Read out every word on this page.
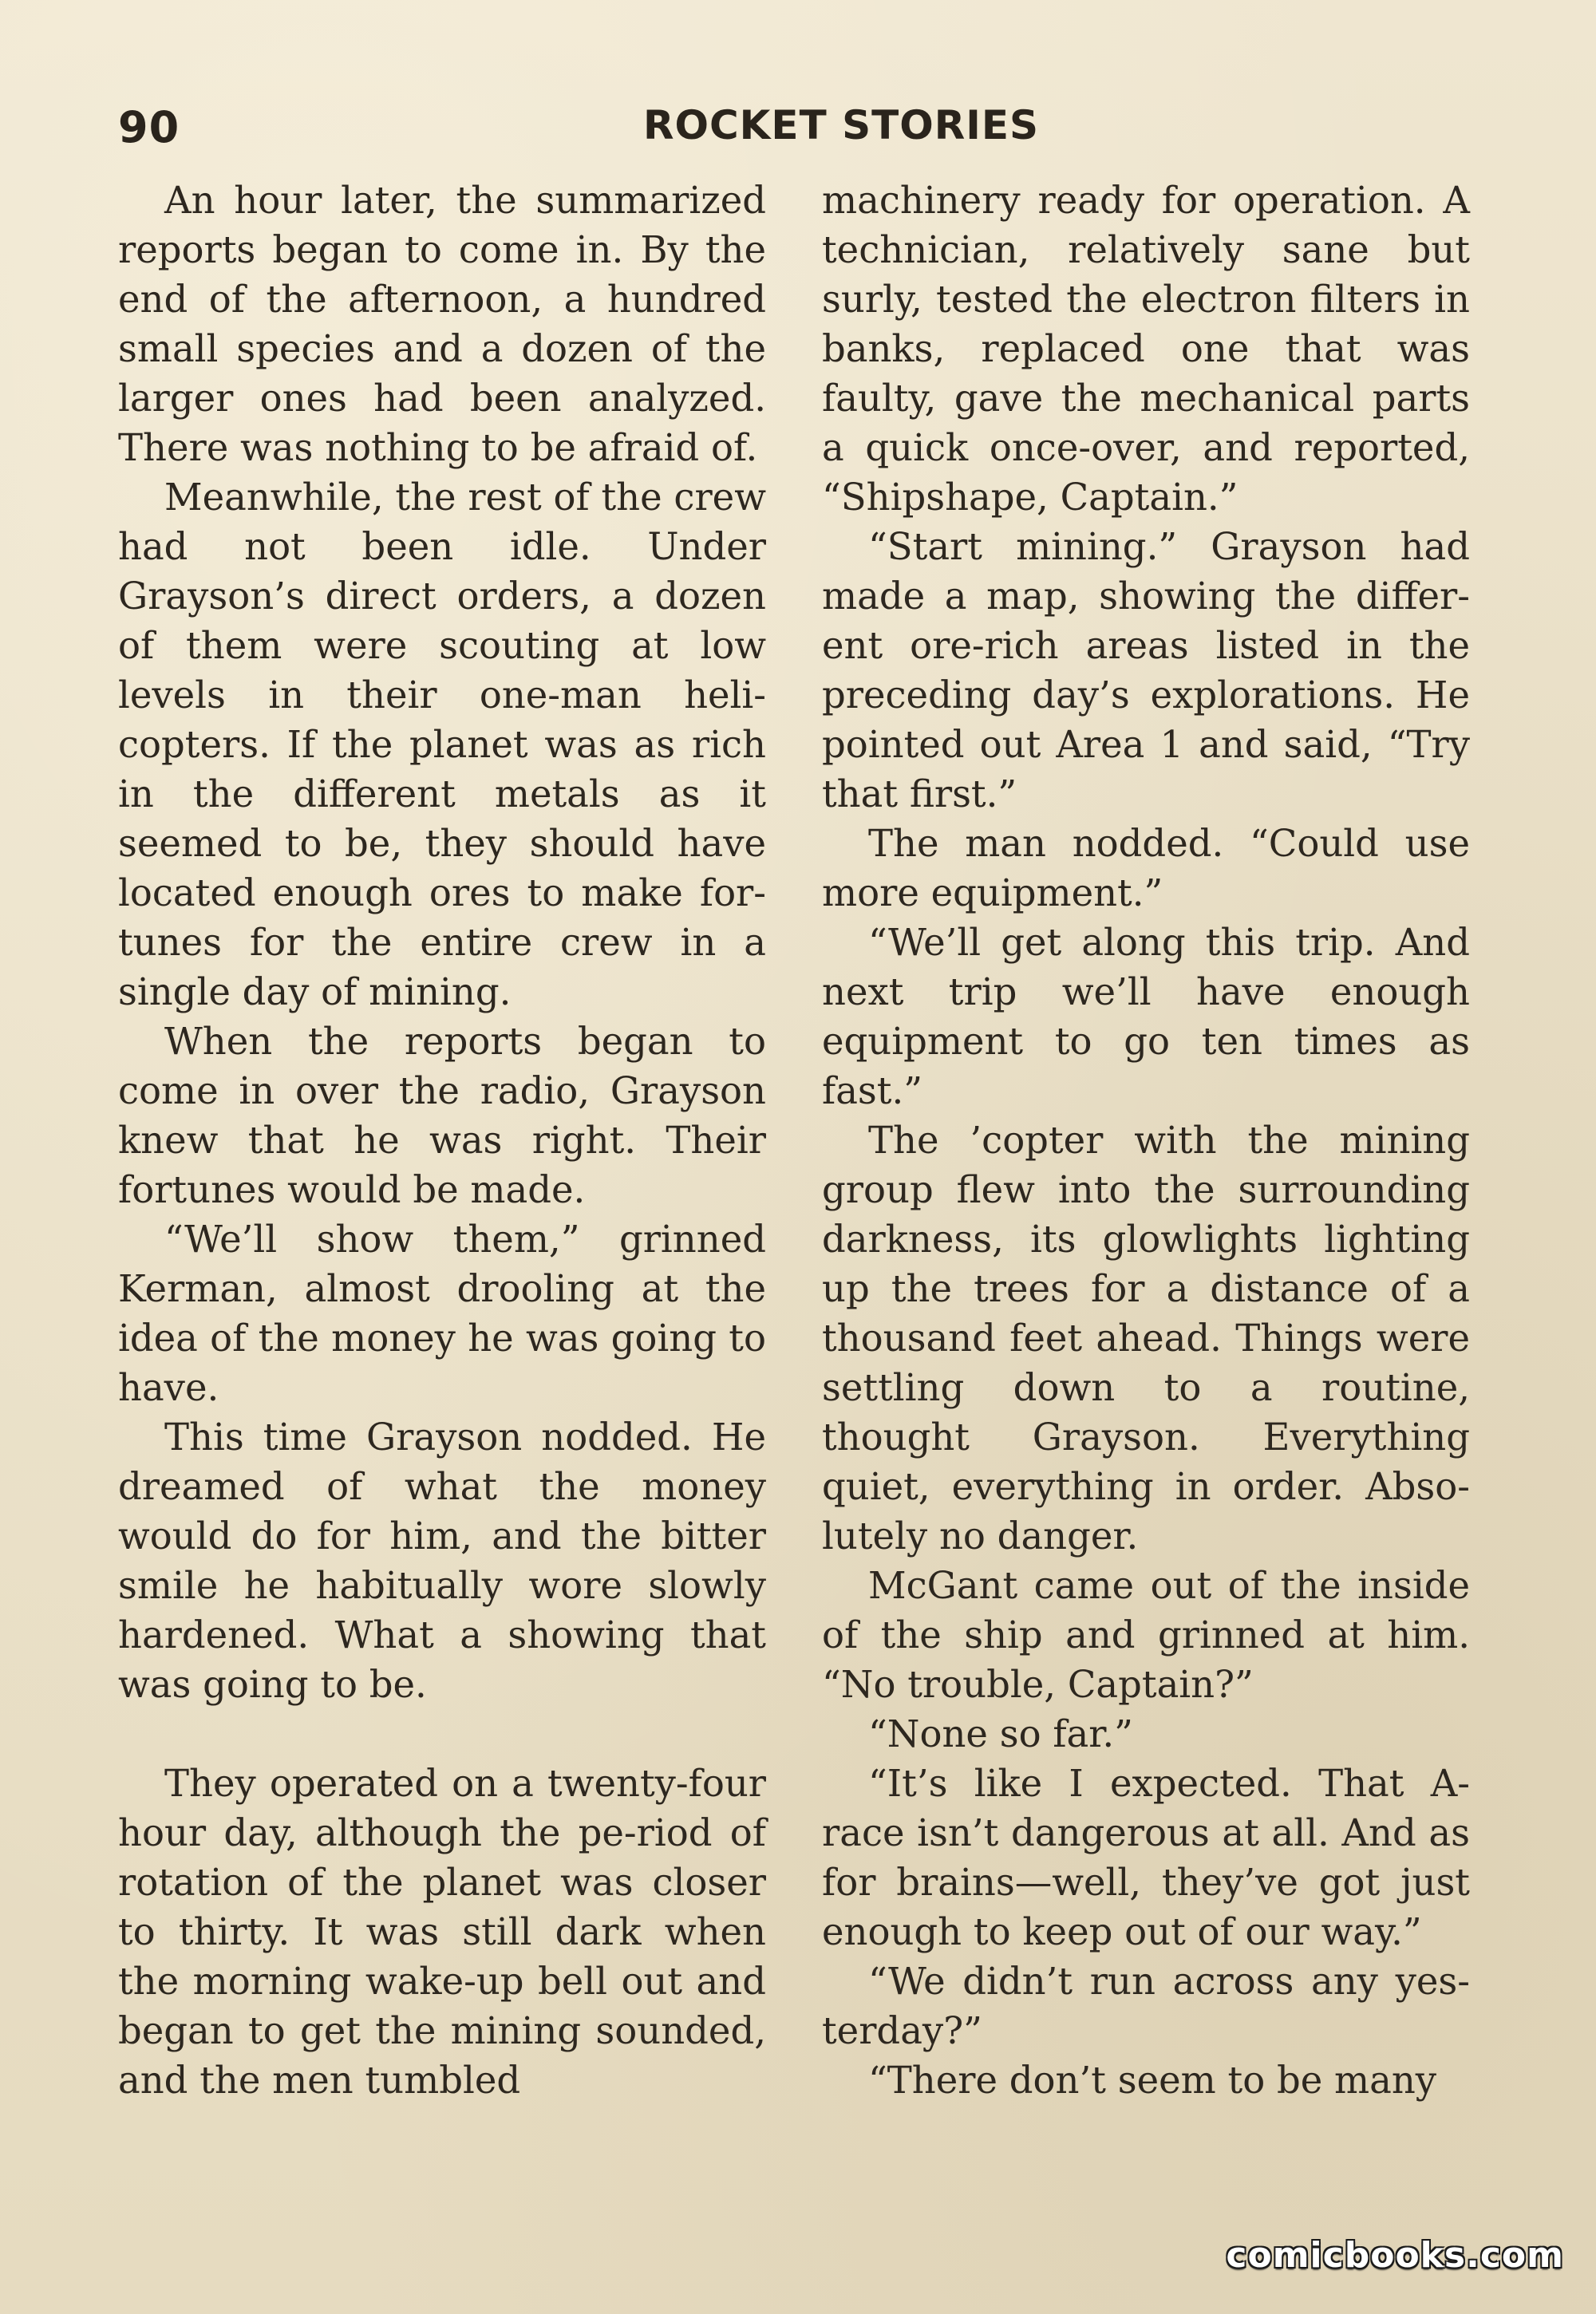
90	ROCKET STORIES

An hour later, the summarized reports began to come in. By the end of the afternoon, a hundred small species and a dozen of the larger ones had been analyzed. There was nothing to be afraid of.

Meanwhile, the rest of the crew had not been idle. Under Grayson’s direct orders, a dozen of them were scouting at low levels in their one-man heli-copters. If the planet was as rich in the different metals as it seemed to be, they should have located enough ores to make for-tunes for the entire crew in a single day of mining.

When the reports began to come in over the radio, Grayson knew that he was right. Their fortunes would be made.

“We’ll show them,” grinned Kerman, almost drooling at the idea of the money he was going to have.

This time Grayson nodded. He dreamed of what the money would do for him, and the bitter smile he habitually wore slowly hardened. What a showing that was going to be.

They operated on a twenty-four hour day, although the pe-riod of rotation of the planet was closer to thirty. It was still dark when the morning wake-up bell out and began to get the mining sounded, and the men tumbled

machinery ready for operation. A technician, relatively sane but surly, tested the electron filters in banks, replaced one that was faulty, gave the mechanical parts a quick once-over, and reported, “Shipshape, Captain.”

“Start mining.” Grayson had made a map, showing the differ-ent ore-rich areas listed in the preceding day’s explorations. He pointed out Area 1 and said, “Try that first.”

The man nodded. “Could use more equipment.”

“We’ll get along this trip. And next trip we’ll have enough equipment to go ten times as fast.”

The ’copter with the mining group flew into the surrounding darkness, its glowlights lighting up the trees for a distance of a thousand feet ahead. Things were settling down to a routine, thought Grayson. Everything quiet, everything in order. Abso-lutely no danger.

McGant came out of the inside of the ship and grinned at him. “No trouble, Captain?”

“None so far.”

“It’s like I expected. That A-race isn’t dangerous at all. And as for brains—well, they’ve got just enough to keep out of our way.”

“We didn’t run across any yes-terday?”

“There don’t seem to be many

comicbooks.com
